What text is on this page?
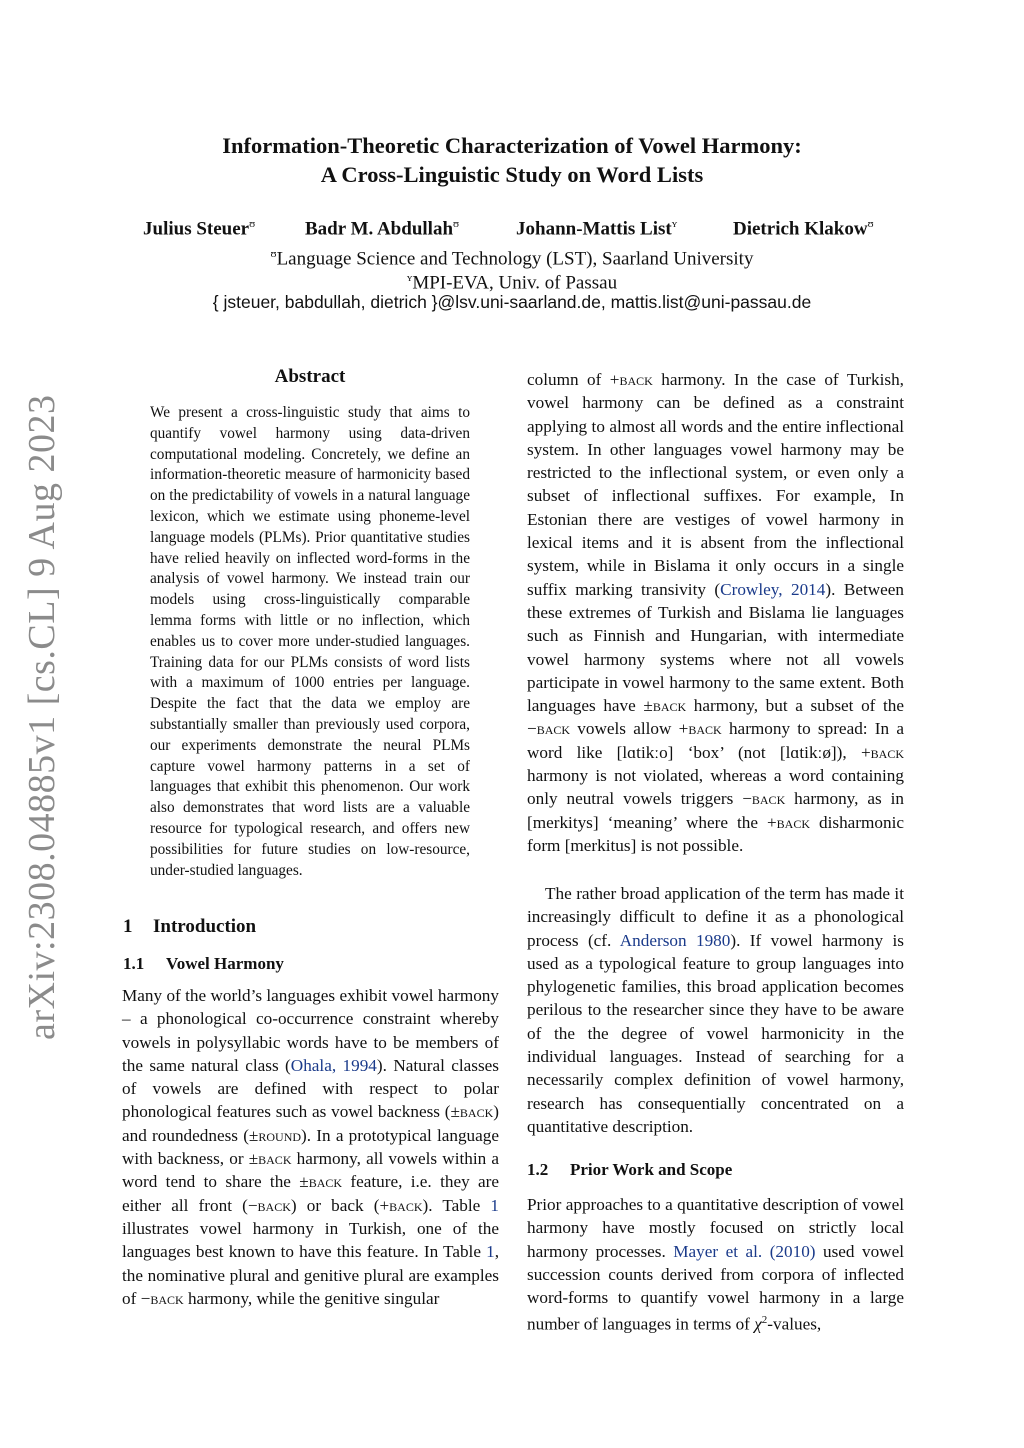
Information-Theoretic Characterization of Vowel Harmony:
A Cross-Linguistic Study on Word Lists
Julius Steuer$^ʊ$	Badr M. Abdullah$^ʊ$	Johann-Mattis List$^ʏ$	Dietrich Klakow$^ʊ$
$^ʊ$Language Science and Technology (LST), Saarland University
$^ʏ$MPI-EVA, Univ. of Passau
{ jsteuer, babdullah, dietrich }@lsv.uni-saarland.de, mattis.list@uni-passau.de
arXiv:2308.04885v1 [cs.CL] 9 Aug 2023
Abstract

We present a cross-linguistic study that aims to quantify vowel harmony using data-driven computational modeling. Concretely, we define an information-theoretic measure of harmonicity based on the predictability of vowels in a natural language lexicon, which we estimate using phoneme-level language models (PLMs). Prior quantitative studies have relied heavily on inflected word-forms in the analysis of vowel harmony. We instead train our models using cross-linguistically comparable lemma forms with little or no inflection, which enables us to cover more under-studied languages. Training data for our PLMs consists of word lists with a maximum of 1000 entries per language. Despite the fact that the data we employ are substantially smaller than previously used corpora, our experiments demonstrate the neural PLMs capture vowel harmony patterns in a set of languages that exhibit this phenomenon. Our work also demonstrates that word lists are a valuable resource for typological research, and offers new possibilities for future studies on low-resource, under-studied languages.

1 Introduction
1.1 Vowel Harmony

Many of the world’s languages exhibit vowel harmony – a phonological co-occurrence constraint whereby vowels in polysyllabic words have to be members of the same natural class (Ohala, 1994). Natural classes of vowels are defined with respect to polar phonological features such as vowel backness (±back) and roundedness (±round). In a prototypical language with backness, or ±back harmony, all vowels within a word tend to share the ±back feature, i.e. they are either all front (−back) or back (+back). Table 1 illustrates vowel harmony in Turkish, one of the languages best known to have this feature. In Table 1, the nominative plural and genitive plural are examples of −back harmony, while the genitive singular

column of +back harmony. In the case of Turkish, vowel harmony can be defined as a constraint applying to almost all words and the entire inflectional system. In other languages vowel harmony may be restricted to the inflectional system, or even only a subset of inflectional suffixes. For example, In Estonian there are vestiges of vowel harmony in lexical items and it is absent from the inflectional system, while in Bislama it only occurs in a single suffix marking transivity (Crowley, 2014). Between these extremes of Turkish and Bislama lie languages such as Finnish and Hungarian, with intermediate vowel harmony systems where not all vowels participate in vowel harmony to the same extent. Both languages have ±back harmony, but a subset of the −back vowels allow +back harmony to spread: In a word like [lɑtikːo] ‘box’ (not [lɑtikːø]), +back harmony is not violated, whereas a word containing only neutral vowels triggers −back harmony, as in [merkitys] ‘meaning’ where the +back disharmonic form [merkitus] is not possible.

The rather broad application of the term has made it increasingly difficult to define it as a phonological process (cf. Anderson 1980). If vowel harmony is used as a typological feature to group languages into phylogenetic families, this broad application becomes perilous to the researcher since they have to be aware of the the degree of vowel harmonicity in the individual languages. Instead of searching for a necessarily complex definition of vowel harmony, research has consequentially concentrated on a quantitative description.

1.2 Prior Work and Scope

Prior approaches to a quantitative description of vowel harmony have mostly focused on strictly local harmony processes. Mayer et al. (2010) used vowel succession counts derived from corpora of inflected word-forms to quantify vowel harmony in a large number of languages in terms of $\chi^2$-values,
